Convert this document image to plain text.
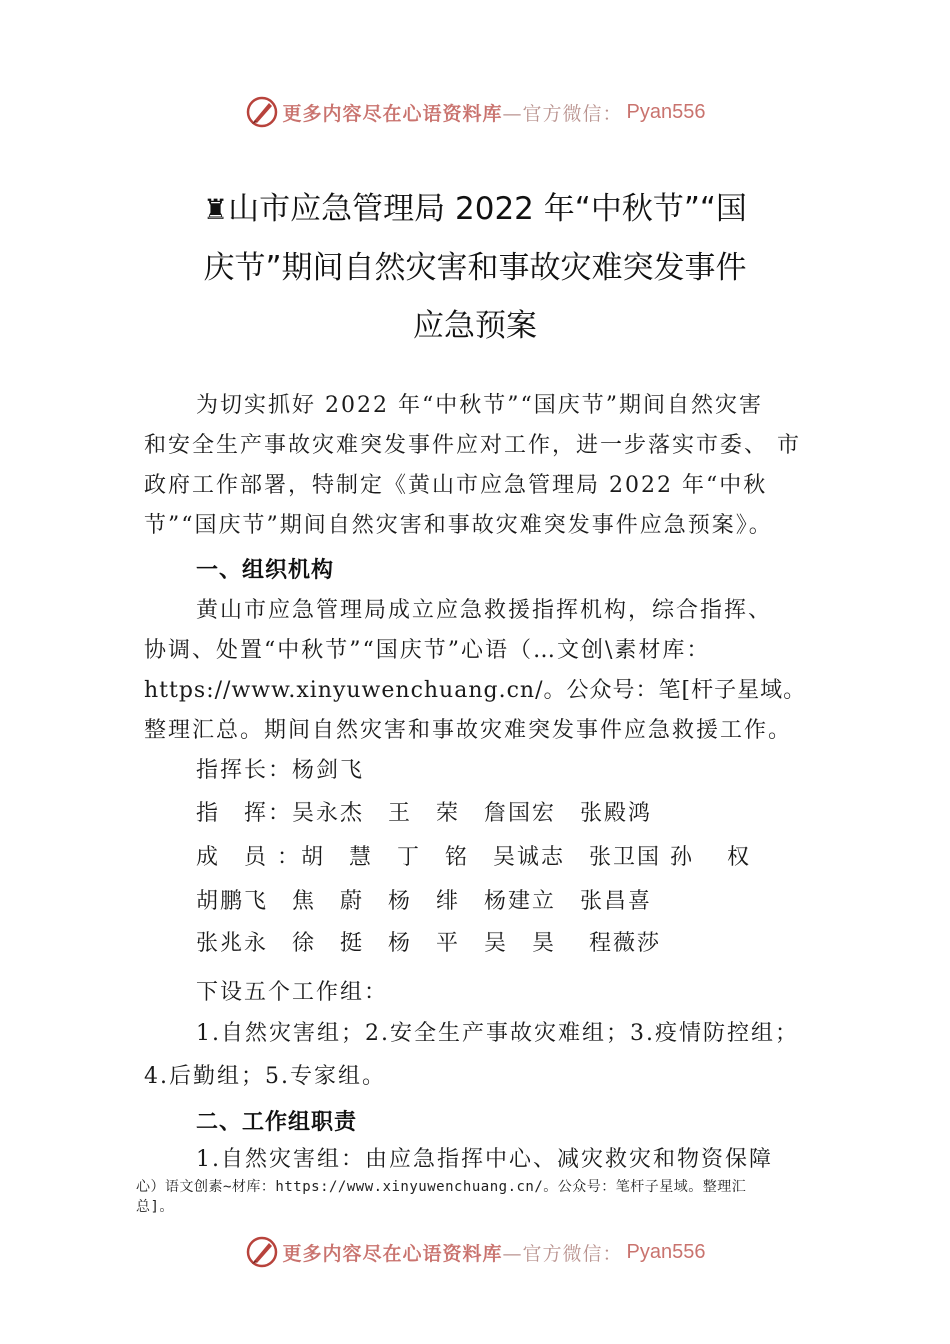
更多内容尽在心语资料库 —官方微信： Pyan556
♜山市应急管理局 2022 年“中秋节”“国
庆节”期间自然灾害和事故灾难突发事件
应急预案
为切实抓好 2022 年“中秋节”“国庆节”期间自然灾害
和安全生产事故灾难突发事件应对工作，进一步落实市委、 市
政府工作部署，特制定《黄山市应急管理局 2022 年“中秋
节”“国庆节”期间自然灾害和事故灾难突发事件应急预案》。
一、组织机构
黄山市应急管理局成立应急救援指挥机构，综合指挥、
协调、处置“中秋节”“国庆节”心语（…文创\素材库：
https://www.xinyuwenchuang.cn/。公众号：笔[杆子星域。
整理汇总。期间自然灾害和事故灾难突发事件应急救援工作。
指挥长：杨剑飞
指　挥：吴永杰　王　荣　詹国宏　张殿鸿
成　员 ：胡　慧　丁　铭　吴诚志　张卫国 孙　 权
胡鹏飞　焦　蔚　杨　绯　杨建立　张昌喜
张兆永　徐　挺　杨　平　吴　昊　 程薇莎
下设五个工作组：
1.自然灾害组；2.安全生产事故灾难组；3.疫情防控组；
4.后勤组；5.专家组。
二、工作组职责
1.自然灾害组：由应急指挥中心、减灾救灾和物资保障
心）语文创素~材库：https://www.xinyuwenchuang.cn/。公众号：笔杆子星域。整理汇
总]。
更多内容尽在心语资料库 —官方微信： Pyan556
